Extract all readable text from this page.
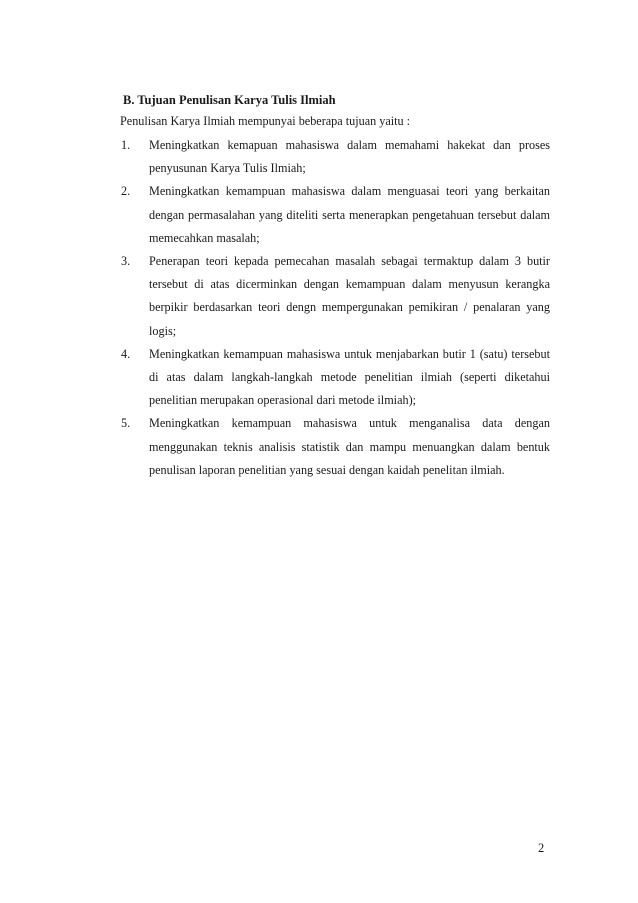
B. Tujuan Penulisan Karya Tulis Ilmiah
Penulisan Karya Ilmiah mempunyai beberapa tujuan yaitu :
1. Meningkatkan kemapuan mahasiswa dalam memahami hakekat dan proses penyusunan Karya Tulis Ilmiah;
2. Meningkatkan kemampuan mahasiswa dalam menguasai teori yang berkaitan dengan permasalahan yang diteliti serta menerapkan pengetahuan tersebut dalam memecahkan masalah;
3. Penerapan teori kepada pemecahan masalah sebagai termaktup dalam 3 butir tersebut di atas dicerminkan dengan kemampuan dalam menyusun kerangka berpikir berdasarkan teori dengn mempergunakan pemikiran / penalaran yang logis;
4. Meningkatkan kemampuan mahasiswa untuk menjabarkan butir 1 (satu) tersebut di atas dalam langkah-langkah metode penelitian ilmiah (seperti diketahui penelitian merupakan operasional dari metode ilmiah);
5. Meningkatkan kemampuan mahasiswa untuk menganalisa data dengan menggunakan teknis analisis statistik dan mampu menuangkan dalam bentuk penulisan laporan penelitian yang sesuai dengan kaidah penelitan ilmiah.
2
